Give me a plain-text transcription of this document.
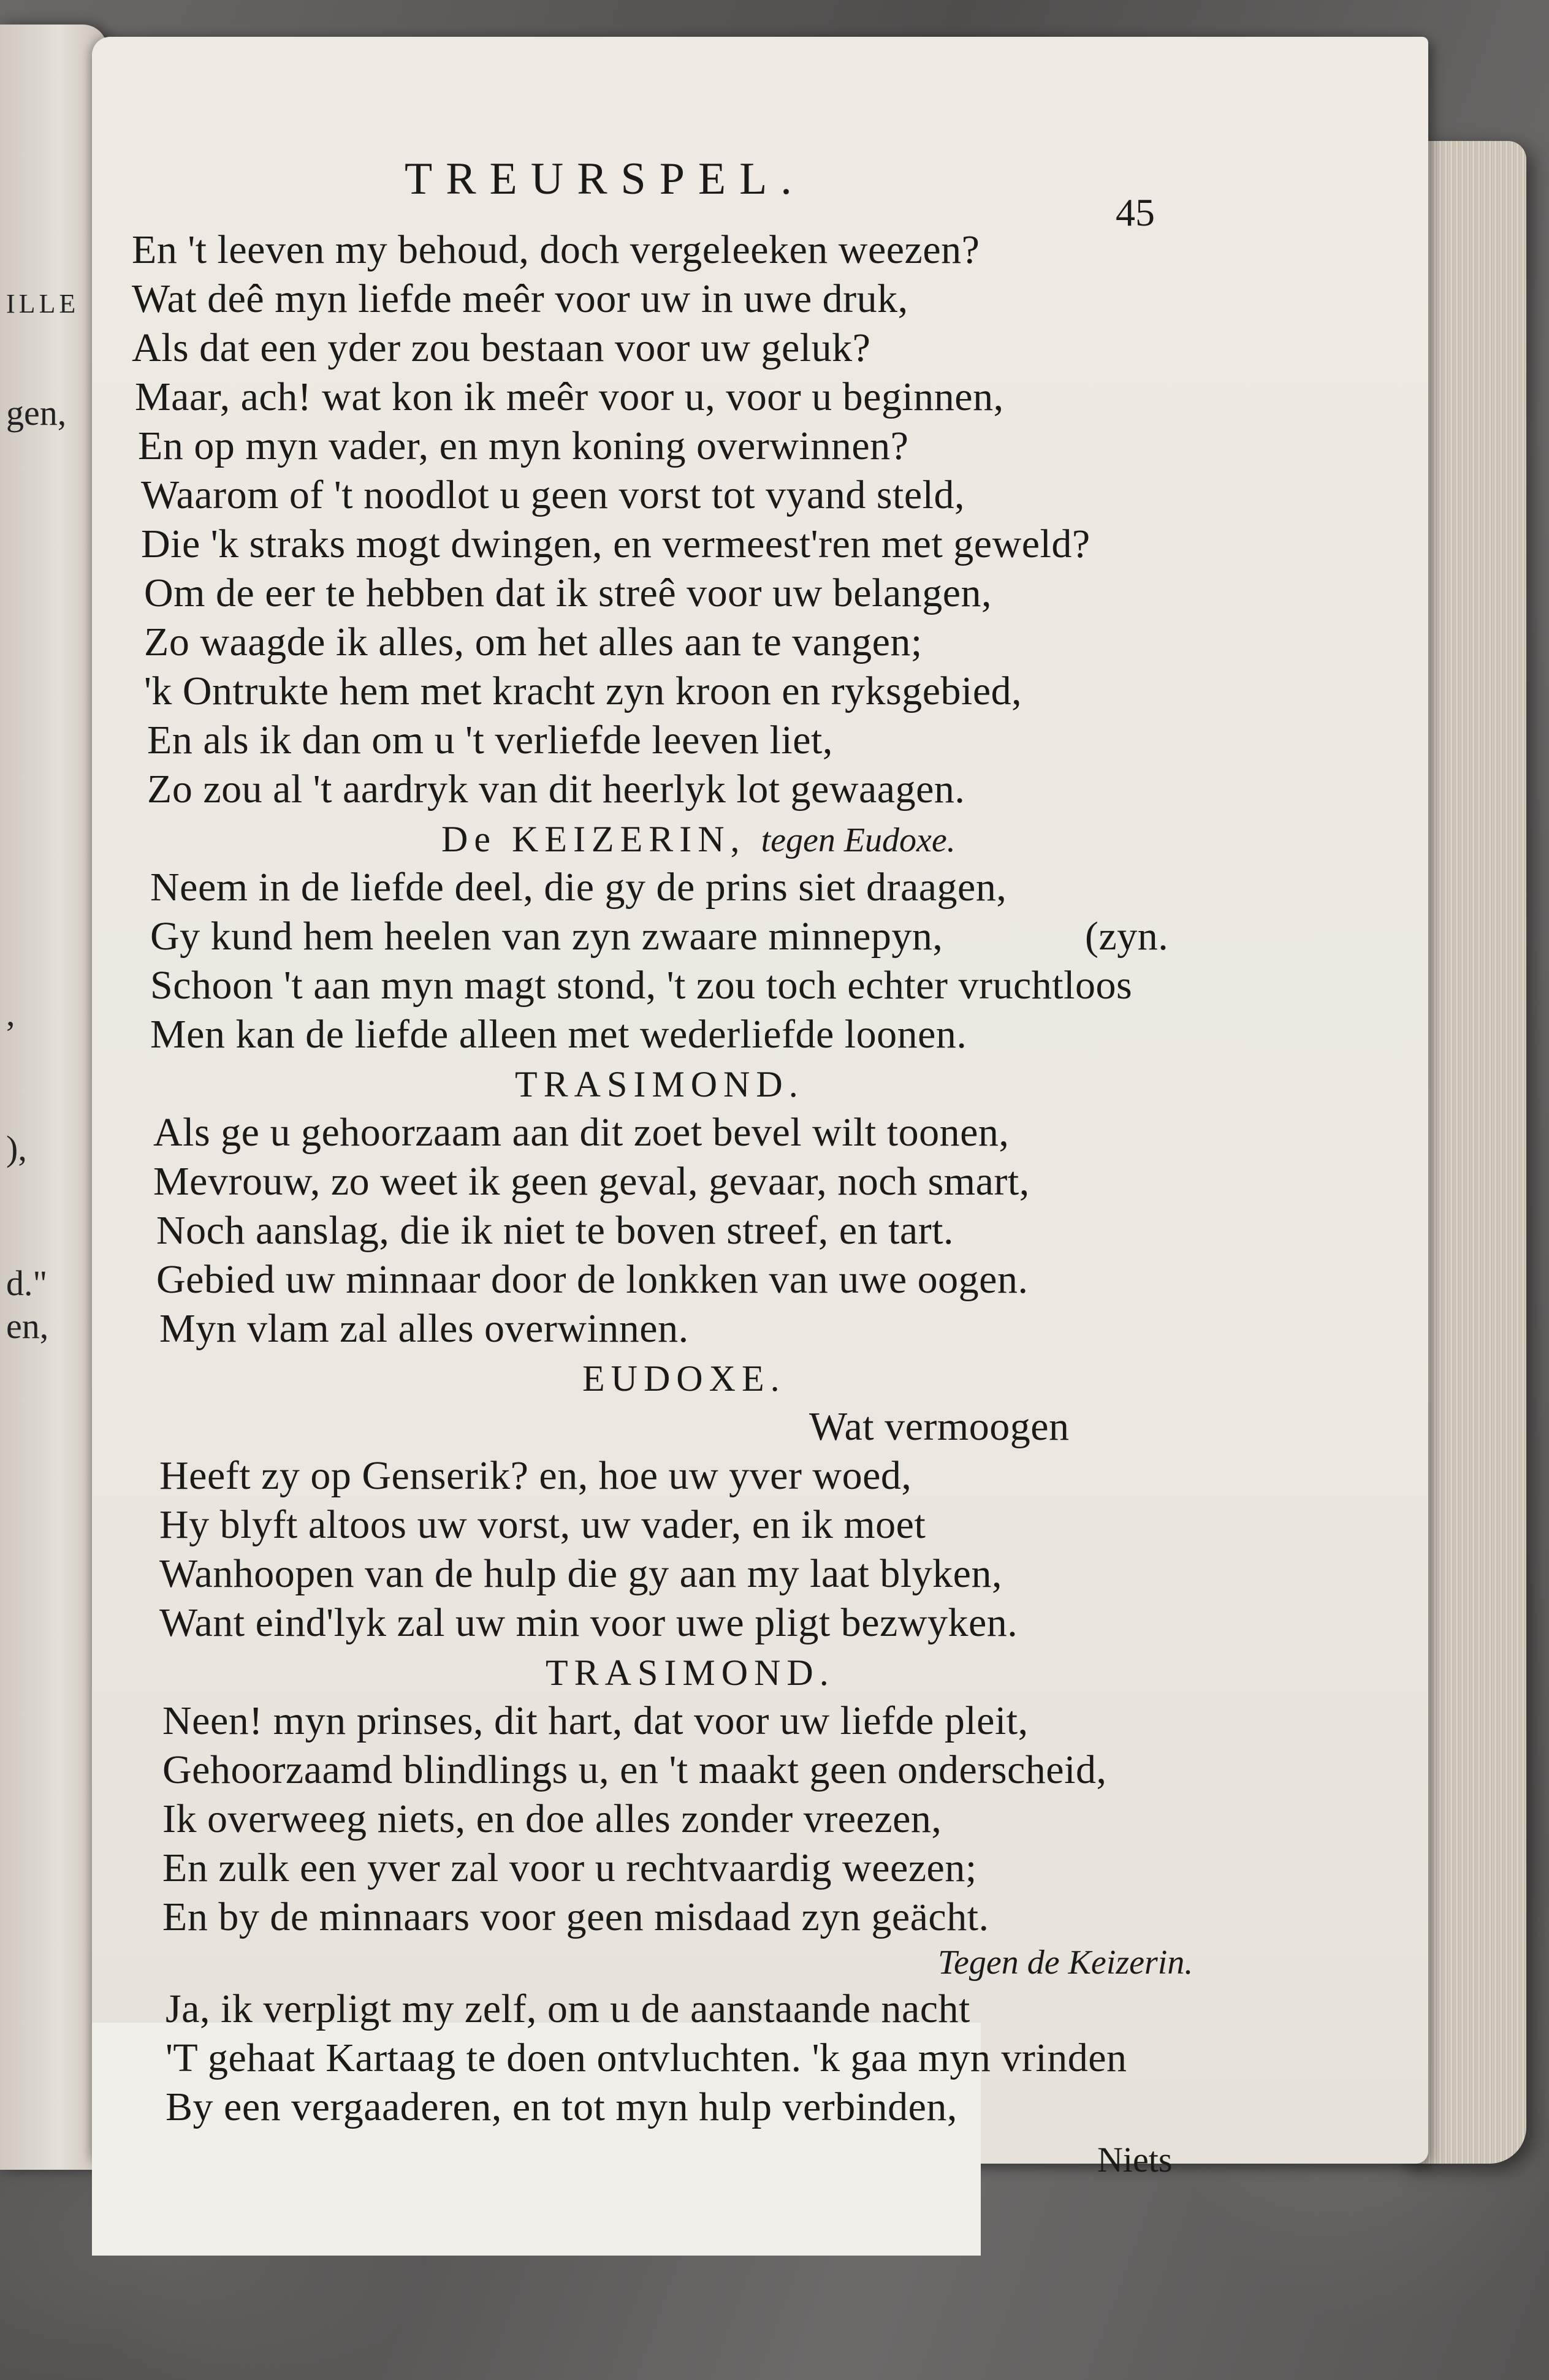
ILLE
gen,
,
),
d."
en,
TREURSPEL.
45
En 't leeven my behoud, doch vergeleeken weezen?
Wat deê myn liefde meêr voor uw in uwe druk,
Als dat een yder zou bestaan voor uw geluk?
Maar, ach! wat kon ik meêr voor u, voor u beginnen,
En op myn vader, en myn koning overwinnen?
Waarom of 't noodlot u geen vorst tot vyand steld,
Die 'k straks mogt dwingen, en vermeest'ren met geweld?
Om de eer te hebben dat ik streê voor uw belangen,
Zo waagde ik alles, om het alles aan te vangen;
'k Ontrukte hem met kracht zyn kroon en ryksgebied,
En als ik dan om u 't verliefde leeven liet,
Zo zou al 't aardryk van dit heerlyk lot gewaagen.
De KEIZERIN, tegen Eudoxe.
Neem in de liefde deel, die gy de prins siet draagen,
Gy kund hem heelen van zyn zwaare minnepyn,	(zyn.
Schoon 't aan myn magt stond, 't zou toch echter vruchtloos
Men kan de liefde alleen met wederliefde loonen.
TRASIMOND.
Als ge u gehoorzaam aan dit zoet bevel wilt toonen,
Mevrouw, zo weet ik geen geval, gevaar, noch smart,
Noch aanslag, die ik niet te boven streef, en tart.
Gebied uw minnaar door de lonkken van uwe oogen.
Myn vlam zal alles overwinnen.
EUDOXE.
Wat vermoogen
Heeft zy op Genserik? en, hoe uw yver woed,
Hy blyft altoos uw vorst, uw vader, en ik moet
Wanhoopen van de hulp die gy aan my laat blyken,
Want eind'lyk zal uw min voor uwe pligt bezwyken.
TRASIMOND.
Neen! myn prinses, dit hart, dat voor uw liefde pleit,
Gehoorzaamd blindlings u, en 't maakt geen onderscheid,
Ik overweeg niets, en doe alles zonder vreezen,
En zulk een yver zal voor u rechtvaardig weezen;
En by de minnaars voor geen misdaad zyn geächt.
Tegen de Keizerin.
Ja, ik verpligt my zelf, om u de aanstaande nacht
'T gehaat Kartaag te doen ontvluchten. 'k gaa myn vrinden
By een vergaaderen, en tot myn hulp verbinden,
Niets
